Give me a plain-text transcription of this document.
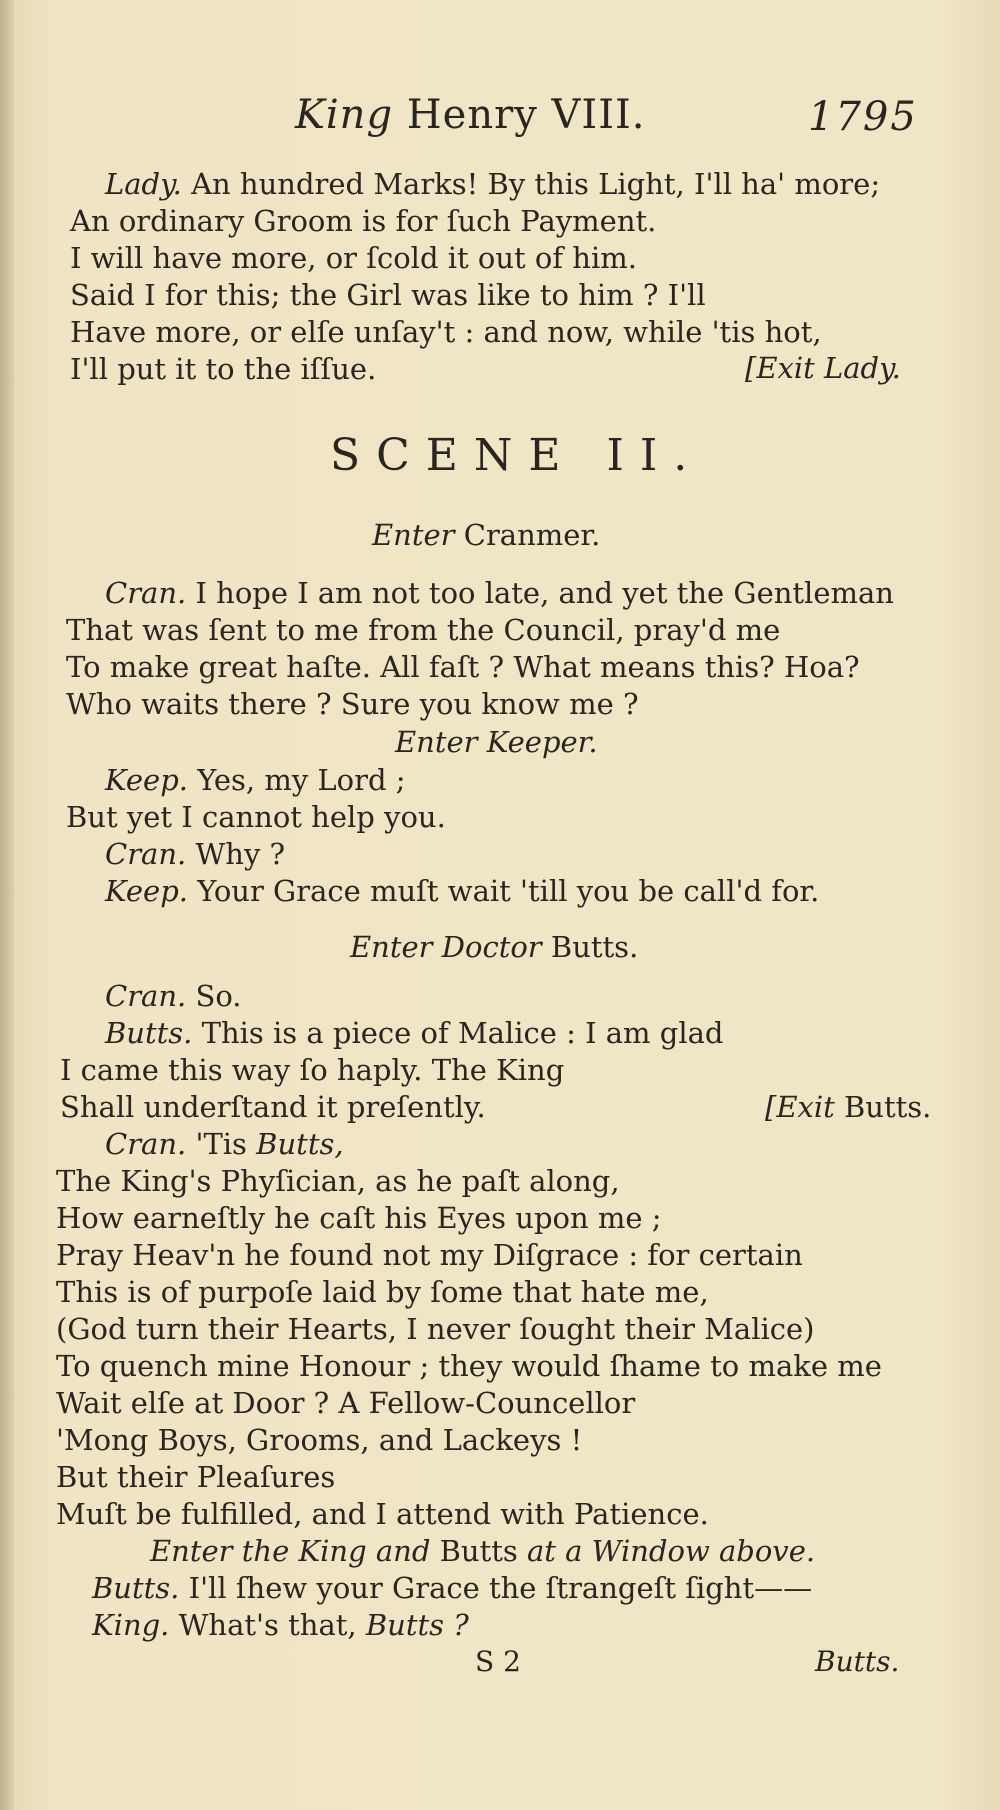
King Henry VIII.	1795
Lady. An hundred Marks! By this Light, I'll ha' more;
An ordinary Groom is for ſuch Payment.
I will have more, or ſcold it out of him.
Said I for this; the Girl was like to him ? I'll
Have more, or elſe unſay't : and now, while 'tis hot,
I'll put it to the iſſue.	[Exit Lady.
SCENE II.
Enter Cranmer.
Cran. I hope I am not too late, and yet the Gentleman
That was ſent to me from the Council, pray'd me
To make great haſte. All faſt ? What means this? Hoa?
Who waits there ? Sure you know me ?
Enter Keeper.
Keep. Yes, my Lord ;
But yet I cannot help you.
Cran. Why ?
Keep. Your Grace muſt wait 'till you be call'd for.
Enter Doctor Butts.
Cran. So.
Butts. This is a piece of Malice : I am glad
I came this way ſo haply. The King
Shall underſtand it preſently.	[Exit Butts.
Cran. 'Tis Butts,
The King's Phyſician, as he paſt along,
How earneſtly he caſt his Eyes upon me ;
Pray Heav'n he found not my Diſgrace : for certain
This is of purpoſe laid by ſome that hate me,
(God turn their Hearts, I never ſought their Malice)
To quench mine Honour ; they would ſhame to make me
Wait elſe at Door ? A Fellow-Councellor
'Mong Boys, Grooms, and Lackeys !
But their Pleaſures
Muſt be fulfilled, and I attend with Patience.
Enter the King and Butts at a Window above.
Butts. I'll ſhew your Grace the ſtrangeſt ſight——
King. What's that, Butts ?
S 2	Butts.
